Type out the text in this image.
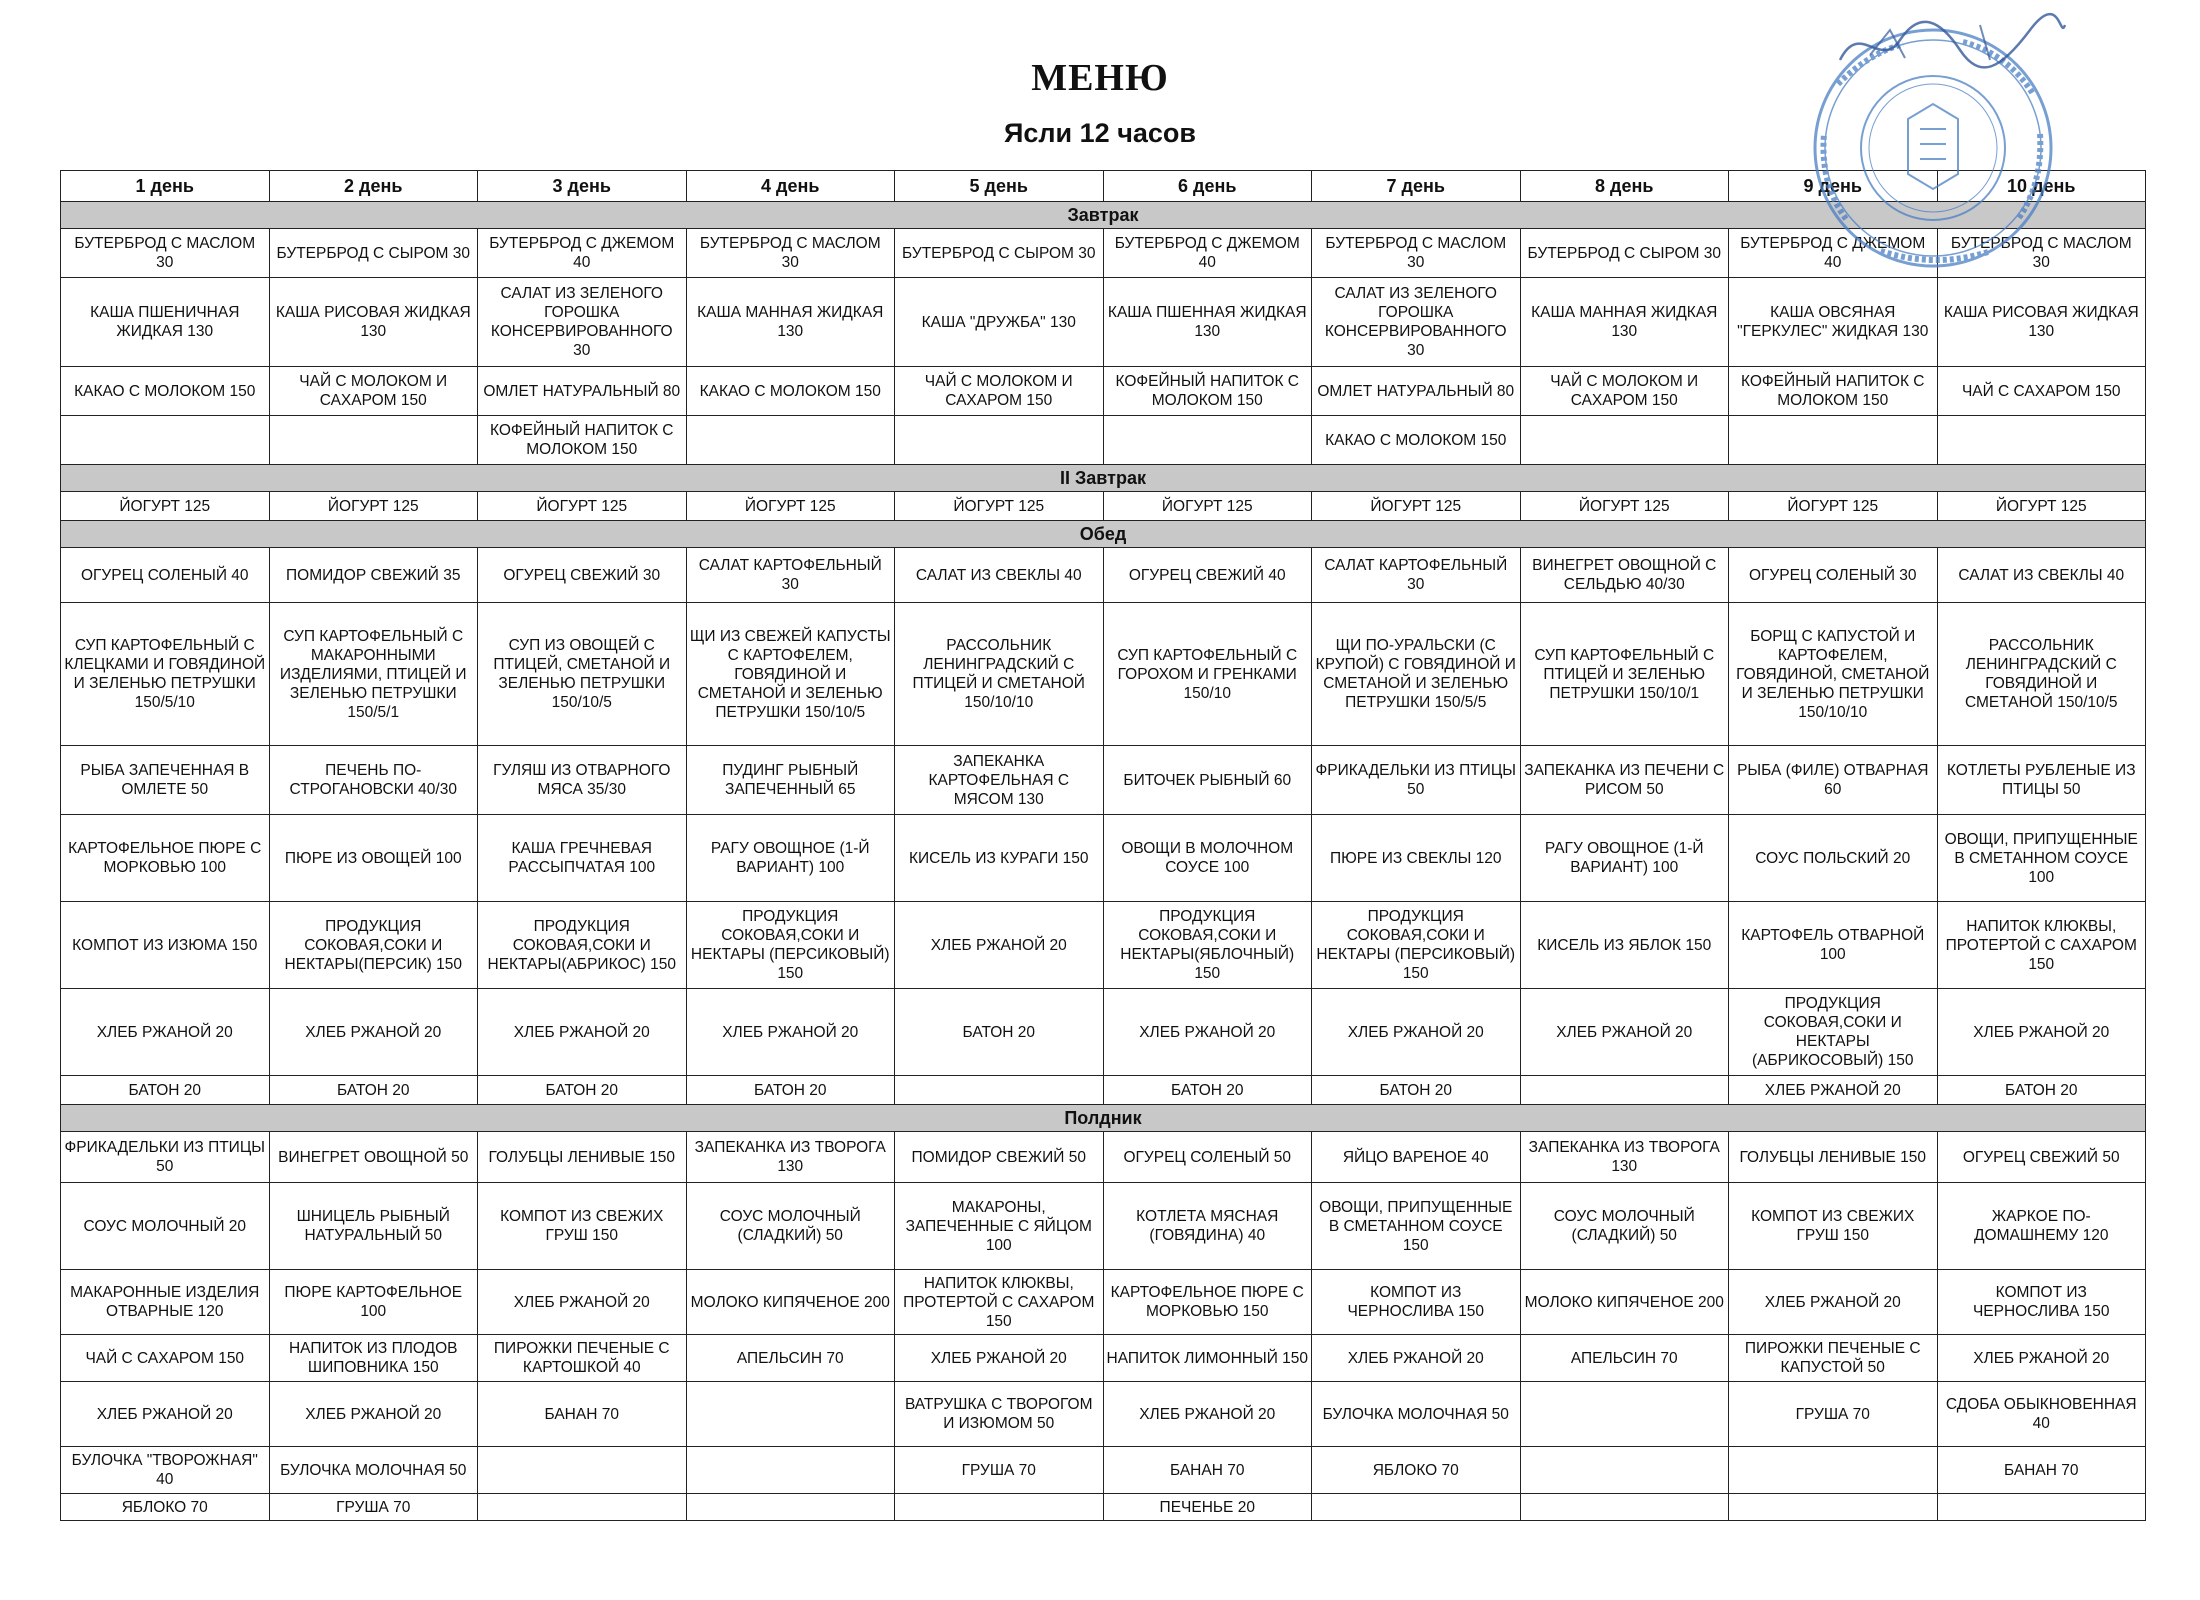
МЕНЮ
Ясли 12 часов
1 день	2 день	3 день	4 день	5 день	6 день	7 день	8 день	9 день	10 день
Завтрак									
БУТЕРБРОД С МАСЛОМ 30	БУТЕРБРОД С СЫРОМ 30	БУТЕРБРОД С ДЖЕМОМ 40	БУТЕРБРОД С МАСЛОМ 30	БУТЕРБРОД С СЫРОМ 30	БУТЕРБРОД С ДЖЕМОМ 40	БУТЕРБРОД С МАСЛОМ 30	БУТЕРБРОД С СЫРОМ 30	БУТЕРБРОД С ДЖЕМОМ 40	БУТЕРБРОД С МАСЛОМ 30
КАША ПШЕНИЧНАЯ ЖИДКАЯ 130	КАША РИСОВАЯ ЖИДКАЯ 130	САЛАТ ИЗ ЗЕЛЕНОГО ГОРОШКА КОНСЕРВИРОВАННОГО 30	КАША МАННАЯ ЖИДКАЯ 130	КАША "ДРУЖБА" 130	КАША ПШЕННАЯ ЖИДКАЯ 130	САЛАТ ИЗ ЗЕЛЕНОГО ГОРОШКА КОНСЕРВИРОВАННОГО 30	КАША МАННАЯ ЖИДКАЯ 130	КАША ОВСЯНАЯ "ГЕРКУЛЕС" ЖИДКАЯ 130	КАША РИСОВАЯ ЖИДКАЯ 130
КАКАО С МОЛОКОМ 150	ЧАЙ С МОЛОКОМ И САХАРОМ 150	ОМЛЕТ НАТУРАЛЬНЫЙ 80	КАКАО С МОЛОКОМ 150	ЧАЙ С МОЛОКОМ И САХАРОМ 150	КОФЕЙНЫЙ НАПИТОК С МОЛОКОМ 150	ОМЛЕТ НАТУРАЛЬНЫЙ 80	ЧАЙ С МОЛОКОМ И САХАРОМ 150	КОФЕЙНЫЙ НАПИТОК С МОЛОКОМ 150	ЧАЙ С САХАРОМ 150
		КОФЕЙНЫЙ НАПИТОК С МОЛОКОМ 150				КАКАО С МОЛОКОМ 150			
II Завтрак									
ЙОГУРТ 125	ЙОГУРТ 125	ЙОГУРТ 125	ЙОГУРТ 125	ЙОГУРТ 125	ЙОГУРТ 125	ЙОГУРТ 125	ЙОГУРТ 125	ЙОГУРТ 125	ЙОГУРТ 125
Обед									
ОГУРЕЦ СОЛЕНЫЙ 40	ПОМИДОР СВЕЖИЙ 35	ОГУРЕЦ СВЕЖИЙ 30	САЛАТ КАРТОФЕЛЬНЫЙ 30	САЛАТ ИЗ СВЕКЛЫ 40	ОГУРЕЦ СВЕЖИЙ 40	САЛАТ КАРТОФЕЛЬНЫЙ 30	ВИНЕГРЕТ ОВОЩНОЙ С СЕЛЬДЬЮ 40/30	ОГУРЕЦ СОЛЕНЫЙ 30	САЛАТ ИЗ СВЕКЛЫ 40
СУП КАРТОФЕЛЬНЫЙ С КЛЕЦКАМИ И ГОВЯДИНОЙ И ЗЕЛЕНЬЮ ПЕТРУШКИ 150/5/10	СУП КАРТОФЕЛЬНЫЙ С МАКАРОННЫМИ ИЗДЕЛИЯМИ, ПТИЦЕЙ И ЗЕЛЕНЬЮ ПЕТРУШКИ 150/5/1	СУП ИЗ ОВОЩЕЙ С ПТИЦЕЙ, СМЕТАНОЙ И ЗЕЛЕНЬЮ ПЕТРУШКИ 150/10/5	ЩИ ИЗ СВЕЖЕЙ КАПУСТЫ С КАРТОФЕЛЕМ, ГОВЯДИНОЙ И СМЕТАНОЙ И ЗЕЛЕНЬЮ ПЕТРУШКИ 150/10/5	РАССОЛЬНИК ЛЕНИНГРАДСКИЙ С ПТИЦЕЙ И СМЕТАНОЙ 150/10/10	СУП КАРТОФЕЛЬНЫЙ С ГОРОХОМ И ГРЕНКАМИ 150/10	ЩИ ПО-УРАЛЬСКИ (С КРУПОЙ) С ГОВЯДИНОЙ И СМЕТАНОЙ И ЗЕЛЕНЬЮ ПЕТРУШКИ 150/5/5	СУП КАРТОФЕЛЬНЫЙ С ПТИЦЕЙ И ЗЕЛЕНЬЮ ПЕТРУШКИ 150/10/1	БОРЩ С КАПУСТОЙ И КАРТОФЕЛЕМ, ГОВЯДИНОЙ, СМЕТАНОЙ И ЗЕЛЕНЬЮ ПЕТРУШКИ 150/10/10	РАССОЛЬНИК ЛЕНИНГРАДСКИЙ С ГОВЯДИНОЙ И СМЕТАНОЙ 150/10/5
РЫБА ЗАПЕЧЕННАЯ В ОМЛЕТЕ 50	ПЕЧЕНЬ ПО-СТРОГАНОВСКИ 40/30	ГУЛЯШ ИЗ ОТВАРНОГО МЯСА 35/30	ПУДИНГ РЫБНЫЙ ЗАПЕЧЕННЫЙ 65	ЗАПЕКАНКА КАРТОФЕЛЬНАЯ С МЯСОМ 130	БИТОЧЕК РЫБНЫЙ 60	ФРИКАДЕЛЬКИ ИЗ ПТИЦЫ 50	ЗАПЕКАНКА ИЗ ПЕЧЕНИ С РИСОМ 50	РЫБА (ФИЛЕ) ОТВАРНАЯ 60	КОТЛЕТЫ РУБЛЕНЫЕ ИЗ ПТИЦЫ 50
КАРТОФЕЛЬНОЕ ПЮРЕ С МОРКОВЬЮ 100	ПЮРЕ ИЗ ОВОЩЕЙ 100	КАША ГРЕЧНЕВАЯ РАССЫПЧАТАЯ 100	РАГУ ОВОЩНОЕ (1-Й ВАРИАНТ) 100	КИСЕЛЬ ИЗ КУРАГИ 150	ОВОЩИ В МОЛОЧНОМ СОУСЕ 100	ПЮРЕ ИЗ СВЕКЛЫ 120	РАГУ ОВОЩНОЕ (1-Й ВАРИАНТ) 100	СОУС ПОЛЬСКИЙ 20	ОВОЩИ, ПРИПУЩЕННЫЕ В СМЕТАННОМ СОУСЕ 100
КОМПОТ ИЗ ИЗЮМА 150	ПРОДУКЦИЯ СОКОВАЯ,СОКИ И НЕКТАРЫ(ПЕРСИК) 150	ПРОДУКЦИЯ СОКОВАЯ,СОКИ И НЕКТАРЫ(АБРИКОС) 150	ПРОДУКЦИЯ СОКОВАЯ,СОКИ И НЕКТАРЫ (ПЕРСИКОВЫЙ) 150	ХЛЕБ РЖАНОЙ 20	ПРОДУКЦИЯ СОКОВАЯ,СОКИ И НЕКТАРЫ(ЯБЛОЧНЫЙ) 150	ПРОДУКЦИЯ СОКОВАЯ,СОКИ И НЕКТАРЫ (ПЕРСИКОВЫЙ) 150	КИСЕЛЬ ИЗ ЯБЛОК 150	КАРТОФЕЛЬ ОТВАРНОЙ 100	НАПИТОК КЛЮКВЫ, ПРОТЕРТОЙ С САХАРОМ 150
ХЛЕБ РЖАНОЙ 20	ХЛЕБ РЖАНОЙ 20	ХЛЕБ РЖАНОЙ 20	ХЛЕБ РЖАНОЙ 20	БАТОН 20	ХЛЕБ РЖАНОЙ 20	ХЛЕБ РЖАНОЙ 20	ХЛЕБ РЖАНОЙ 20	ПРОДУКЦИЯ СОКОВАЯ,СОКИ И НЕКТАРЫ (АБРИКОСОВЫЙ) 150	ХЛЕБ РЖАНОЙ 20
БАТОН 20	БАТОН 20	БАТОН 20	БАТОН 20		БАТОН 20	БАТОН 20		ХЛЕБ РЖАНОЙ 20	БАТОН 20
Полдник									
ФРИКАДЕЛЬКИ ИЗ ПТИЦЫ 50	ВИНЕГРЕТ ОВОЩНОЙ 50	ГОЛУБЦЫ ЛЕНИВЫЕ 150	ЗАПЕКАНКА ИЗ ТВОРОГА 130	ПОМИДОР СВЕЖИЙ 50	ОГУРЕЦ СОЛЕНЫЙ 50	ЯЙЦО ВАРЕНОЕ 40	ЗАПЕКАНКА ИЗ ТВОРОГА 130	ГОЛУБЦЫ ЛЕНИВЫЕ 150	ОГУРЕЦ СВЕЖИЙ 50
СОУС МОЛОЧНЫЙ 20	ШНИЦЕЛЬ РЫБНЫЙ НАТУРАЛЬНЫЙ 50	КОМПОТ ИЗ СВЕЖИХ ГРУШ 150	СОУС МОЛОЧНЫЙ (СЛАДКИЙ) 50	МАКАРОНЫ, ЗАПЕЧЕННЫЕ С ЯЙЦОМ 100	КОТЛЕТА МЯСНАЯ (ГОВЯДИНА) 40	ОВОЩИ, ПРИПУЩЕННЫЕ В СМЕТАННОМ СОУСЕ 150	СОУС МОЛОЧНЫЙ (СЛАДКИЙ) 50	КОМПОТ ИЗ СВЕЖИХ ГРУШ 150	ЖАРКОЕ ПО-ДОМАШНЕМУ 120
МАКАРОННЫЕ ИЗДЕЛИЯ ОТВАРНЫЕ 120	ПЮРЕ КАРТОФЕЛЬНОЕ 100	ХЛЕБ РЖАНОЙ 20	МОЛОКО КИПЯЧЕНОЕ 200	НАПИТОК КЛЮКВЫ, ПРОТЕРТОЙ С САХАРОМ 150	КАРТОФЕЛЬНОЕ ПЮРЕ С МОРКОВЬЮ 150	КОМПОТ ИЗ ЧЕРНОСЛИВА 150	МОЛОКО КИПЯЧЕНОЕ 200	ХЛЕБ РЖАНОЙ 20	КОМПОТ ИЗ ЧЕРНОСЛИВА 150
ЧАЙ С САХАРОМ 150	НАПИТОК ИЗ ПЛОДОВ ШИПОВНИКА 150	ПИРОЖКИ ПЕЧЕНЫЕ С КАРТОШКОЙ 40	АПЕЛЬСИН 70	ХЛЕБ РЖАНОЙ 20	НАПИТОК ЛИМОННЫЙ 150	ХЛЕБ РЖАНОЙ 20	АПЕЛЬСИН 70	ПИРОЖКИ ПЕЧЕНЫЕ С КАПУСТОЙ 50	ХЛЕБ РЖАНОЙ 20
ХЛЕБ РЖАНОЙ 20	ХЛЕБ РЖАНОЙ 20	БАНАН 70		ВАТРУШКА С ТВОРОГОМ И ИЗЮМОМ 50	ХЛЕБ РЖАНОЙ 20	БУЛОЧКА МОЛОЧНАЯ 50		ГРУША 70	СДОБА ОБЫКНОВЕННАЯ 40
БУЛОЧКА "ТВОРОЖНАЯ" 40	БУЛОЧКА МОЛОЧНАЯ 50			ГРУША 70	БАНАН 70	ЯБЛОКО 70			БАНАН 70
ЯБЛОКО 70	ГРУША 70				ПЕЧЕНЬЕ 20				
